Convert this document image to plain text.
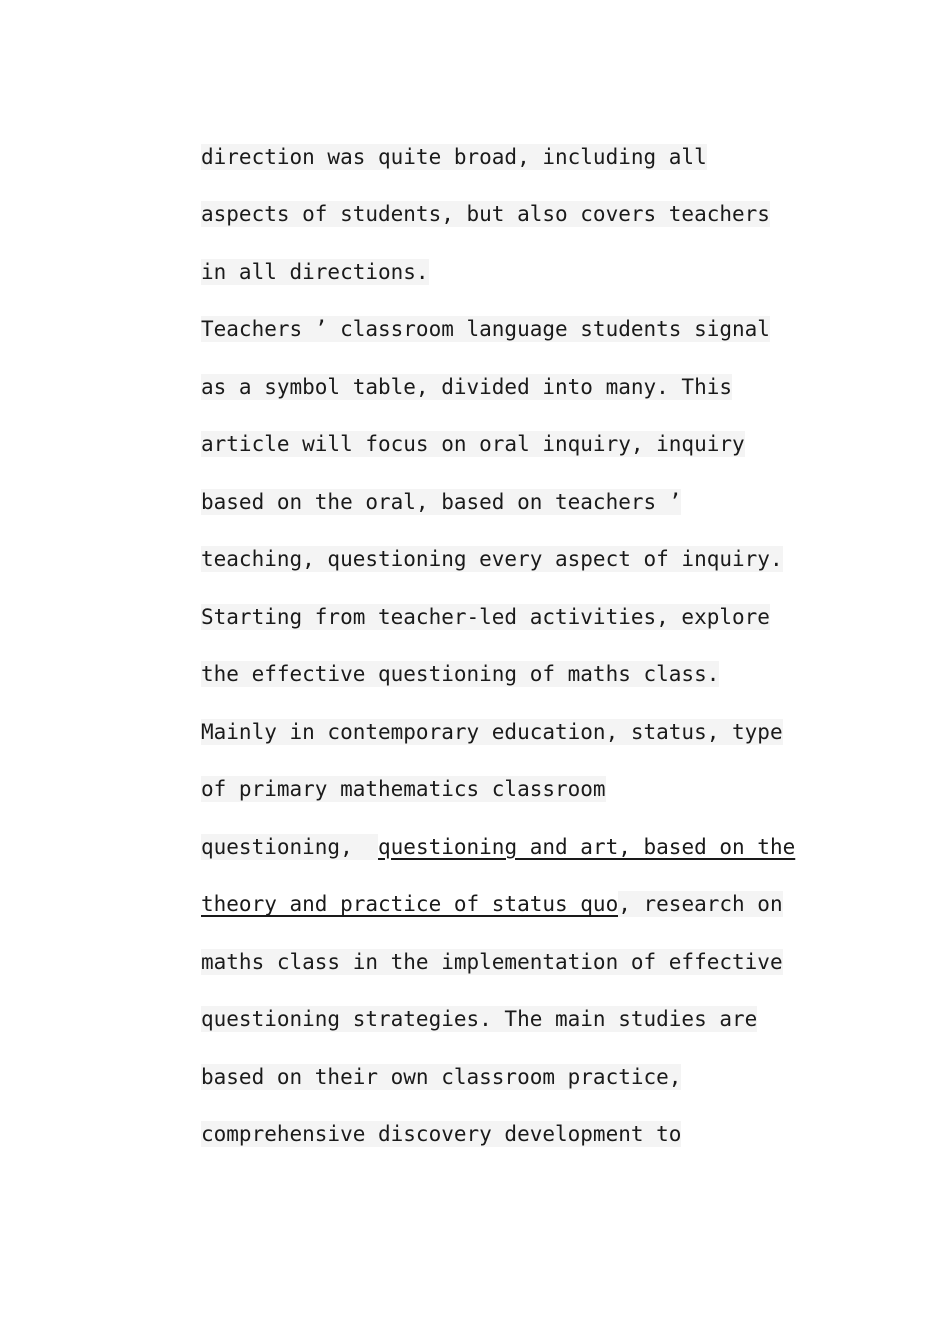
direction was quite broad, including all
aspects of students, but also covers teachers
in all directions.
Teachers ’ classroom language students signal
as a symbol table, divided into many. This
article will focus on oral inquiry, inquiry
based on the oral, based on teachers ’
teaching, questioning every aspect of inquiry.
Starting from teacher-led activities, explore
the effective questioning of maths class.
Mainly in contemporary education, status, type
of primary mathematics classroom
questioning, questioning and art, based on the
theory and practice of status quo , research on
maths class in the implementation of effective
questioning strategies. The main studies are
based on their own classroom practice,
comprehensive discovery development to
